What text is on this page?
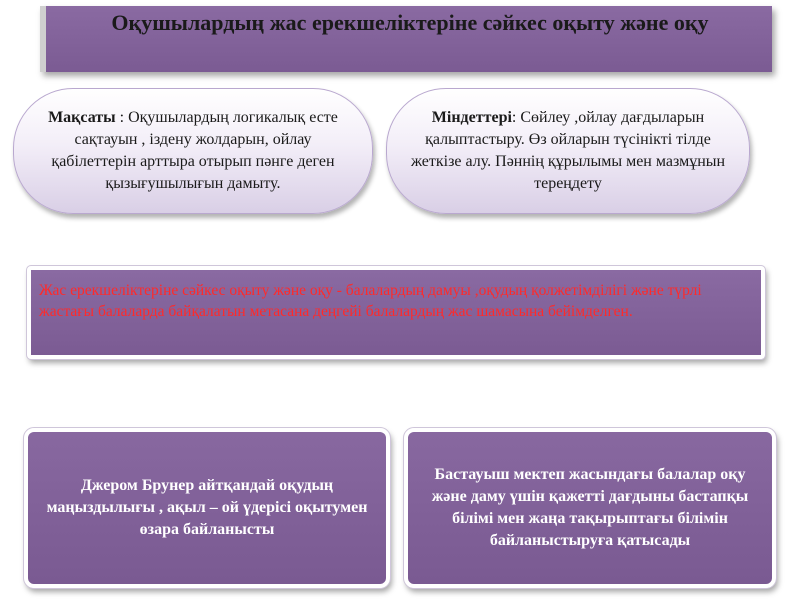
Оқушылардың жас ерекшеліктеріне сәйкес оқыту және оқу
Мақсаты : Оқушылардың логикалық есте сақтауын , іздену жолдарын, ойлау қабілеттерін арттыра отырып пәнге деген қызығушылығын дамыту.
Міндеттері: Сөйлеу ,ойлау дағдыларын қалыптастыру. Өз ойларын түсінікті тілде жеткізе алу. Пәннің құрылымы мен мазмұнын тереңдету
Жас ерекшеліктеріне сәйкес оқыту және оқу - балалардың дамуы ,оқудың қолжетімділігі және түрлі жастағы балаларда байқалатын метасана деңгейі балалардың жас шамасына бейімделген.
Джером Брунер айтқандай оқудың маңыздылығы , ақыл – ой үдерісі оқытумен өзара байланысты
Бастауыш мектеп жасындағы балалар оқу және даму үшін қажетті дағдыны бастапқы білімі мен жаңа тақырыптағы білімін байланыстыруға қатысады
